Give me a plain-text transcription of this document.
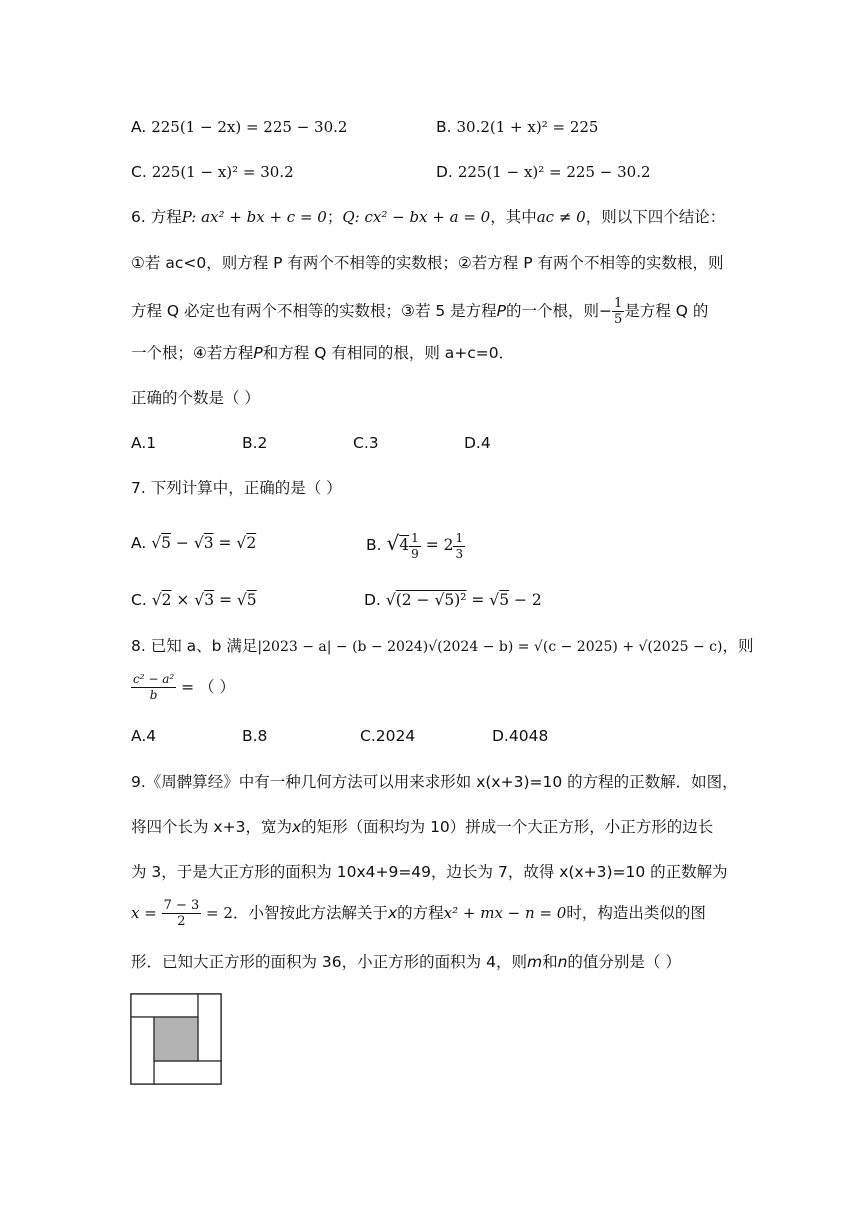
A. 225(1 − 2x) = 225 − 30.2	B. 30.2(1 + x)² = 225
C. 225(1 − x)² = 30.2	D. 225(1 − x)² = 225 − 30.2
6. 方程P: ax² + bx + c = 0；Q: cx² − bx + a = 0，其中ac ≠ 0，则以下四个结论：
①若 ac<0，则方程 P 有两个不相等的实数根；②若方程 P 有两个不相等的实数根，则
方程 Q 必定也有两个不相等的实数根；③若 5 是方程P的一个根，则− $\frac{1}{5}$ 是方程 Q 的
一个根；④若方程P和方程 Q 有相同的根，则 a+c=0．
正确的个数是（ ）
A.1	B.2	C.3	D.4
7. 下列计算中，正确的是（ ）
A. √5 − √3 = √2	B. $√4 \frac{1}{9} = 2 \frac{1}{3}$
C. √2 × √3 = √5	D. √(2 − √5)² = √5 − 2
8. 已知 a、b 满足|2023 − a| − (b − 2024)√(2024 − b) = √(c − 2025) + √(2025 − c)，则
$\frac{\text{c² − a²}}{b}$ = （ ）
A.4	B.8	C.2024	D.4048
9.《周髀算经》中有一种几何方法可以用来求形如 x(x+3)=10 的方程的正数解．如图，
将四个长为 x+3，宽为x的矩形（面积均为 10）拼成一个大正方形，小正方形的边长
为 3，于是大正方形的面积为 10x4+9=49，边长为 7，故得 x(x+3)=10 的正数解为
$x = \frac{7 - 3}{2} = 2$．小智按此方法解关于x的方程x² + mx − n = 0时，构造出类似的图
形．已知大正方形的面积为 36，小正方形的面积为 4，则m和n的值分别是（ ）
